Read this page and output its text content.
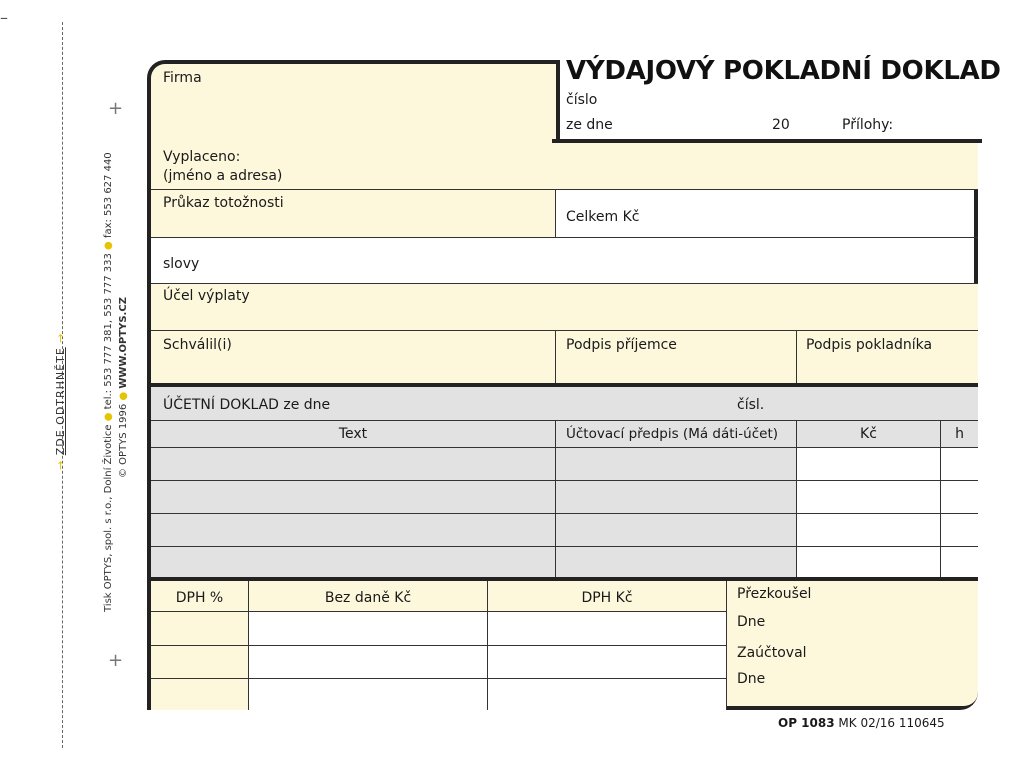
–
+
+
→ ZDE ODTRHNĚTE →
Tisk OPTYS, spol. s r.o., Dolní Životice ● tel.: 553 777 381, 553 777 333 ● fax: 553 627 440
© OPTYS 1996 ● WWW.OPTYS.CZ
VÝDAJOVÝ POKLADNÍ DOKLAD
číslo
ze dne	20	Přílohy:
Firma
Vyplaceno:
(jméno a adresa)
Průkaz totožnosti
Celkem Kč
slovy
Účel výplaty
Schválil(i)	Podpis příjemce	Podpis pokladníka
ÚČETNÍ DOKLAD ze dne	čísl.
Text	Účtovací předpis (Má dáti-účet)	Kč	h
DPH %	Bez daně Kč	DPH Kč	Přezkoušel
Dne
Zaúčtoval
Dne
OP 1083 MK 02/16 110645
